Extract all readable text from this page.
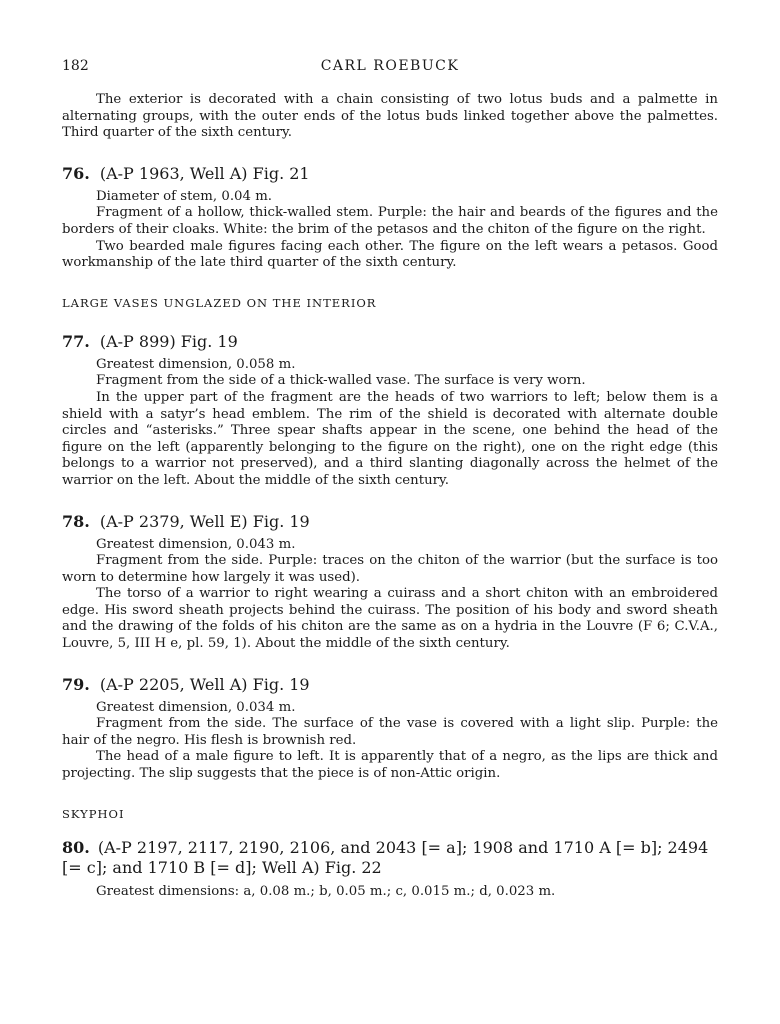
182	CARL ROEBUCK

The exterior is decorated with a chain consisting of two lotus buds and a palmette in alternating groups, with the outer ends of the lotus buds linked together above the palmettes. Third quarter of the sixth century.

76. (A-P 1963, Well A) Fig. 21

Diameter of stem, 0.04 m.

Fragment of a hollow, thick-walled stem. Purple: the hair and beards of the figures and the borders of their cloaks. White: the brim of the petasos and the chiton of the figure on the right.

Two bearded male figures facing each other. The figure on the left wears a petasos. Good workmanship of the late third quarter of the sixth century.

LARGE VASES UNGLAZED ON THE INTERIOR
77. (A-P 899) Fig. 19

Greatest dimension, 0.058 m.

Fragment from the side of a thick-walled vase. The surface is very worn.

In the upper part of the fragment are the heads of two warriors to left; below them is a shield with a satyr’s head emblem. The rim of the shield is decorated with alternate double circles and “asterisks.” Three spear shafts appear in the scene, one behind the head of the figure on the left (apparently belonging to the figure on the right), one on the right edge (this belongs to a warrior not preserved), and a third slanting diagonally across the helmet of the warrior on the left. About the middle of the sixth century.

78. (A-P 2379, Well E) Fig. 19

Greatest dimension, 0.043 m.

Fragment from the side. Purple: traces on the chiton of the warrior (but the surface is too worn to determine how largely it was used).

The torso of a warrior to right wearing a cuirass and a short chiton with an embroidered edge. His sword sheath projects behind the cuirass. The position of his body and sword sheath and the drawing of the folds of his chiton are the same as on a hydria in the Louvre (F 6; C.V.A., Louvre, 5, III H e, pl. 59, 1). About the middle of the sixth century.

79. (A-P 2205, Well A) Fig. 19

Greatest dimension, 0.034 m.

Fragment from the side. The surface of the vase is covered with a light slip. Purple: the hair of the negro. His flesh is brownish red.

The head of a male figure to left. It is apparently that of a negro, as the lips are thick and projecting. The slip suggests that the piece is of non-Attic origin.

SKYPHOI
80. (A-P 2197, 2117, 2190, 2106, and 2043 [= a]; 1908 and 1710 A [= b]; 2494 [= c]; and 1710 B [= d]; Well A) Fig. 22

Greatest dimensions: a, 0.08 m.; b, 0.05 m.; c, 0.015 m.; d, 0.023 m.
